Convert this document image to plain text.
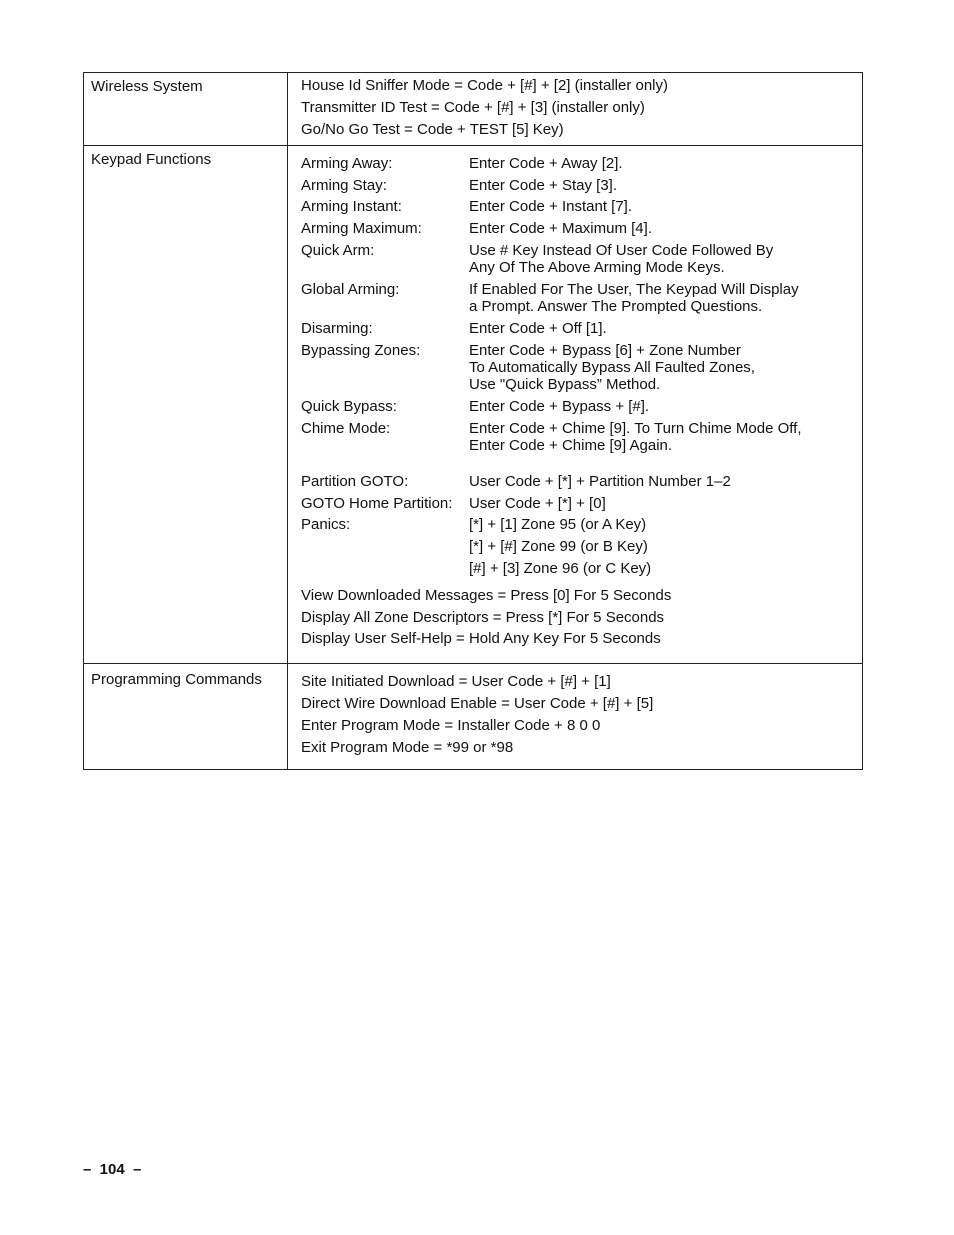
Wireless System	House Id Sniffer Mode = Code + [#] + [2] (installer only)
Transmitter ID Test = Code + [#] + [3] (installer only)
Go/No Go Test = Code + TEST [5] Key)
Keypad Functions	Arming Away:	Enter Code + Away [2].
Arming Stay:	Enter Code + Stay [3].
Arming Instant:	Enter Code + Instant [7].
Arming Maximum:	Enter Code + Maximum [4].
Quick Arm:	Use # Key Instead Of User Code Followed By
Any Of The Above Arming Mode Keys.
Global Arming:	If Enabled For The User, The Keypad Will Display
a Prompt. Answer The Prompted Questions.
Disarming:	Enter Code + Off [1].
Bypassing Zones:	Enter Code + Bypass [6] + Zone Number
To Automatically Bypass All Faulted Zones,
Use "Quick Bypass” Method.
Quick Bypass:	Enter Code + Bypass + [#].
Chime Mode:	Enter Code + Chime [9]. To Turn Chime Mode Off,
Enter Code + Chime [9] Again.
Partition GOTO:	User Code + [*] + Partition Number 1–2
GOTO Home Partition: User Code + [*] + [0]
Panics:	[*] + [1] Zone 95 (or A Key)
[*] + [#] Zone 99 (or B Key)
[#] + [3] Zone 96 (or C Key)
View Downloaded Messages = Press [0] For 5 Seconds
Display All Zone Descriptors = Press [*] For 5 Seconds
Display User Self-Help = Hold Any Key For 5 Seconds
Programming Commands	Site Initiated Download = User Code + [#] + [1]
Direct Wire Download Enable = User Code + [#] + [5]
Enter Program Mode = Installer Code + 8 0 0
Exit Program Mode = *99 or *98
–  104  –
